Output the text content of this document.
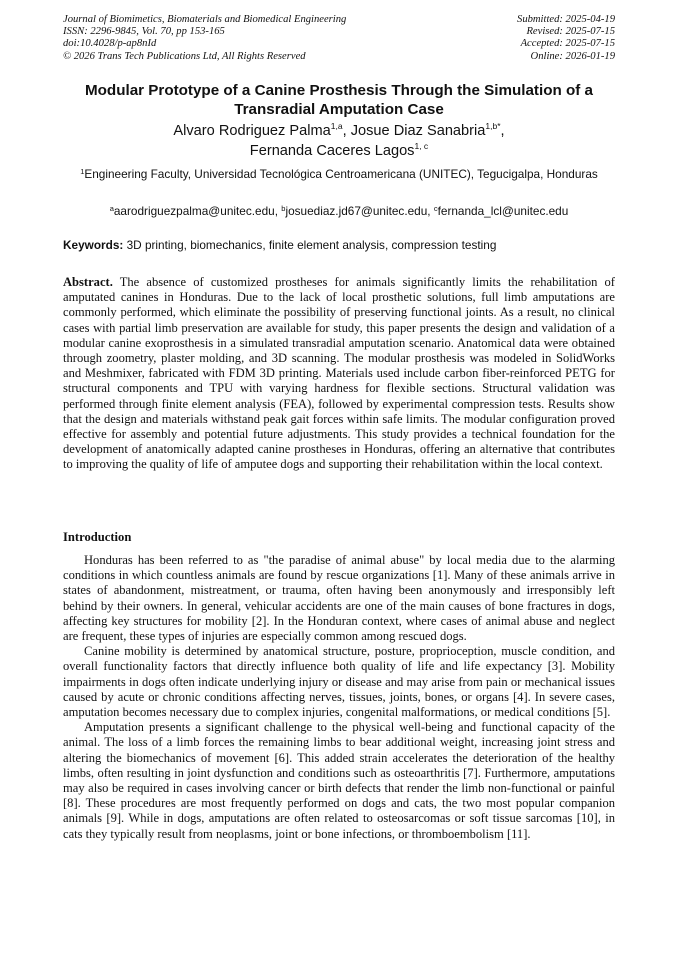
Journal of Biomimetics, Biomaterials and Biomedical Engineering
ISSN: 2296-9845, Vol. 70, pp 153-165
doi:10.4028/p-ap8nId
© 2026 Trans Tech Publications Ltd, All Rights Reserved
Submitted: 2025-04-19
Revised: 2025-07-15
Accepted: 2025-07-15
Online: 2026-01-19
Modular Prototype of a Canine Prosthesis Through the Simulation of a Transradial Amputation Case
Alvaro Rodriguez Palma$^{1,a}$, Josue Diaz Sanabria$^{1,b*}$,
Fernanda Caceres Lagos$^{1, c}$
$^1$Engineering Faculty, Universidad Tecnológica Centroamericana (UNITEC), Tegucigalpa, Honduras
$^a$aarodriguezpalma@unitec.edu, $^b$josuediaz.jd67@unitec.edu, $^c$fernanda_lcl@unitec.edu
Keywords: 3D printing, biomechanics, finite element analysis, compression testing
Abstract. The absence of customized prostheses for animals significantly limits the rehabilitation of amputated canines in Honduras. Due to the lack of local prosthetic solutions, full limb amputations are commonly performed, which eliminate the possibility of preserving functional joints. As a result, no clinical cases with partial limb preservation are available for study, this paper presents the design and validation of a modular canine exoprosthesis in a simulated transradial amputation scenario. Anatomical data were obtained through zoometry, plaster molding, and 3D scanning. The modular prosthesis was modeled in SolidWorks and Meshmixer, fabricated with FDM 3D printing. Materials used include carbon fiber-reinforced PETG for structural components and TPU with varying hardness for flexible sections. Structural validation was performed through finite element analysis (FEA), followed by experimental compression tests. Results show that the design and materials withstand peak gait forces within safe limits. The modular configuration proved effective for assembly and potential future adjustments. This study provides a technical foundation for the development of anatomically adapted canine prostheses in Honduras, offering an alternative that contributes to improving the quality of life of amputee dogs and supporting their rehabilitation within the local context.
Introduction

Honduras has been referred to as "the paradise of animal abuse" by local media due to the alarming conditions in which countless animals are found by rescue organizations [1]. Many of these animals arrive in states of abandonment, mistreatment, or trauma, often having been anonymously and irresponsibly left behind by their owners. In general, vehicular accidents are one of the main causes of bone fractures in dogs, affecting key structures for mobility [2]. In the Honduran context, where cases of animal abuse and neglect are frequent, these types of injuries are especially common among rescued dogs.

Canine mobility is determined by anatomical structure, posture, proprioception, muscle condition, and overall functionality factors that directly influence both quality of life and life expectancy [3]. Mobility impairments in dogs often indicate underlying injury or disease and may arise from pain or mechanical issues caused by acute or chronic conditions affecting nerves, tissues, joints, bones, or organs [4]. In severe cases, amputation becomes necessary due to complex injuries, congenital malformations, or medical conditions [5].

Amputation presents a significant challenge to the physical well-being and functional capacity of the animal. The loss of a limb forces the remaining limbs to bear additional weight, increasing joint stress and altering the biomechanics of movement [6]. This added strain accelerates the deterioration of the healthy limbs, often resulting in joint dysfunction and conditions such as osteoarthritis [7]. Furthermore, amputations may also be required in cases involving cancer or birth defects that render the limb non-functional or painful [8]. These procedures are most frequently performed on dogs and cats, the two most popular companion animals [9]. While in dogs, amputations are often related to osteosarcomas or soft tissue sarcomas [10], in cats they typically result from neoplasms, joint or bone infections, or thromboembolism [11].
